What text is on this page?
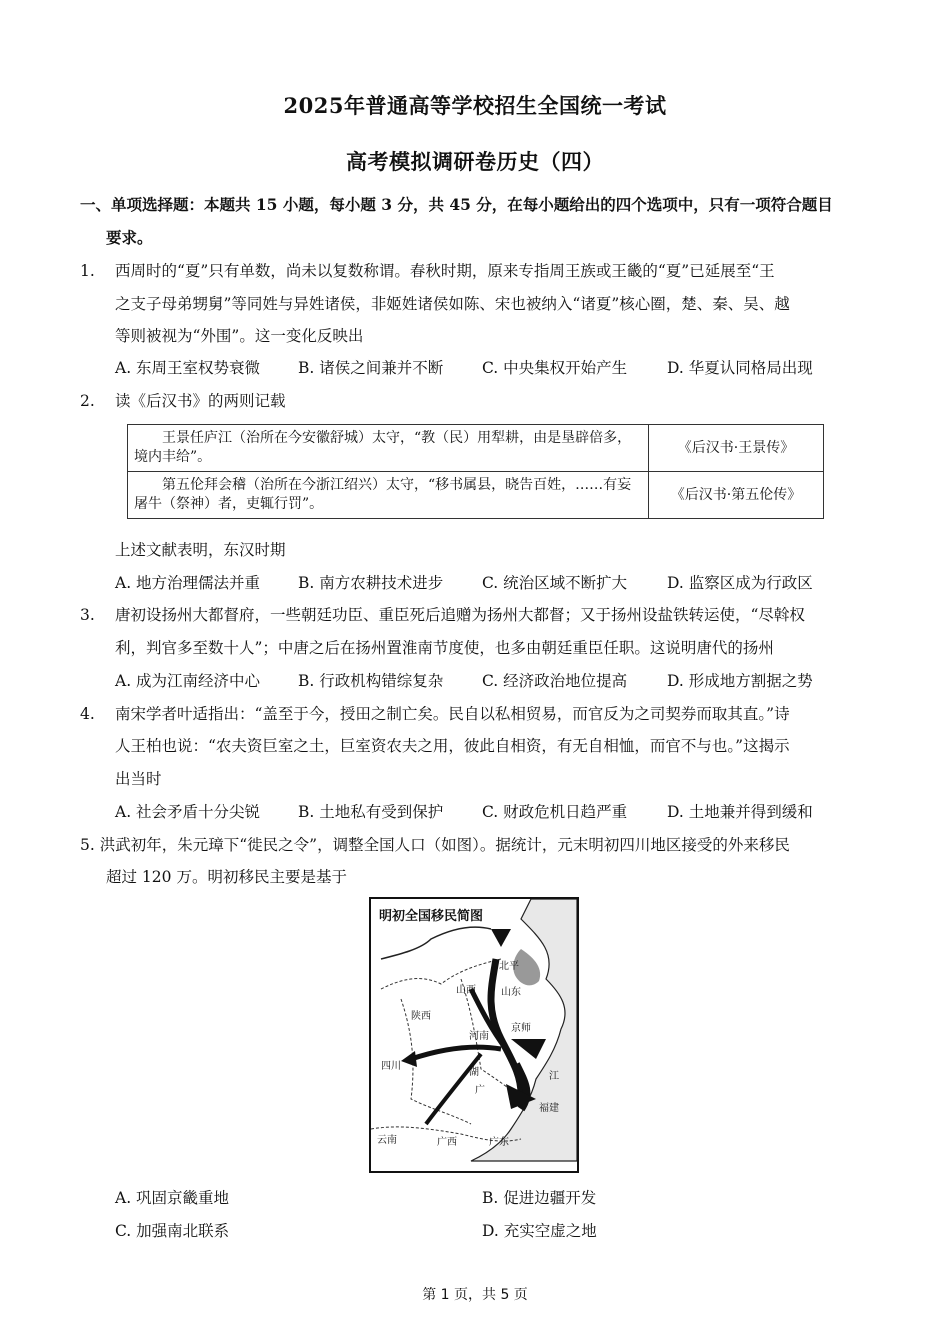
2025年普通高等学校招生全国统一考试
高考模拟调研卷历史（四）
一、单项选择题：本题共 15 小题，每小题 3 分，共 45 分，在每小题给出的四个选项中，只有一项符合题目
要求。
1. 西周时的“夏”只有单数，尚未以复数称谓。春秋时期，原来专指周王族或王畿的“夏”已延展至“王
之支子母弟甥舅”等同姓与异姓诸侯，非姬姓诸侯如陈、宋也被纳入“诸夏”核心圈，楚、秦、吴、越
等则被视为“外围”。这一变化反映出
A. 东周王室权势衰微 B. 诸侯之间兼并不断	C. 中央集权开始产生	D. 华夏认同格局出现
2. 读《后汉书》的两则记载
王景任庐江（治所在今安徽舒城）太守，“教（民）用犁耕，由是垦辟倍多，境内丰给”。	《后汉书·王景传》
第五伦拜会稽（治所在今浙江绍兴）太守，“移书属县，晓告百姓，……有妄屠牛（祭神）者，吏辄行罚”。	《后汉书·第五伦传》
上述文献表明，东汉时期
A. 地方治理儒法并重 B. 南方农耕技术进步	C. 统治区域不断扩大	D. 监察区成为行政区
3. 唐初设扬州大都督府，一些朝廷功臣、重臣死后追赠为扬州大都督；又于扬州设盐铁转运使，“尽斡权
利，判官多至数十人”；中唐之后在扬州置淮南节度使，也多由朝廷重臣任职。这说明唐代的扬州
A. 成为江南经济中心 B. 行政机构错综复杂	C. 经济政治地位提高	D. 形成地方割据之势
4. 南宋学者叶适指出：“盖至于今，授田之制亡矣。民自以私相贸易，而官反为之司契券而取其直。”诗
人王柏也说：“农夫资巨室之土，巨室资农夫之用，彼此自相资，有无自相恤，而官不与也。”这揭示
出当时
A. 社会矛盾十分尖锐 B. 土地私有受到保护	C. 财政危机日趋严重	D. 土地兼并得到缓和
5. 洪武初年，朱元璋下“徙民之令”，调整全国人口（如图）。据统计，元末明初四川地区接受的外来移民
超过 120 万。明初移民主要是基于
明初全国移民简图
北平
山西	山东
陕西
河南
京师
四川
湖
广
江
福建
云南	广西	广东
A. 巩固京畿重地	B. 促进边疆开发
C. 加强南北联系	D. 充实空虚之地
第 1 页，共 5 页
